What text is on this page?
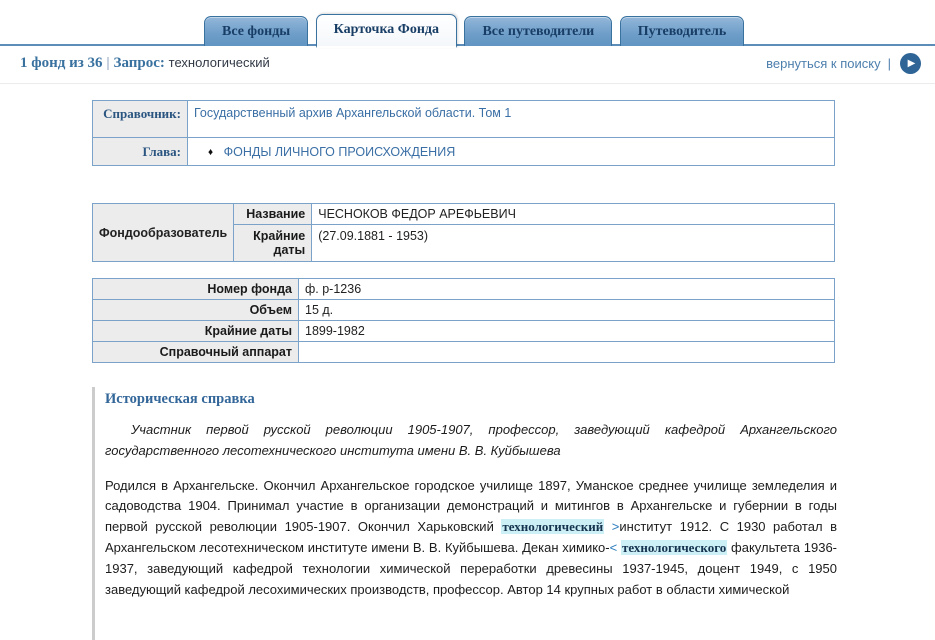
Все фонды	Карточка Фонда	Все путеводители	Путеводитель
1 фонд из 36 | Запрос: технологический	вернуться к поиску |	▶
Справочник:	Государственный архив Архангельской области. Том 1
Глава:	♦ ФОНДЫ ЛИЧНОГО ПРОИСХОЖДЕНИЯ
Фондообразователь	Название	ЧЕСНОКОВ ФЕДОР АРЕФЬЕВИЧ
	Крайние даты	(27.09.1881 - 1953)
Номер фонда	ф. р-1236
Объем	15 д.
Крайние даты	1899-1982
Справочный аппарат	
Историческая справка

Участник первой русской революции 1905-1907, профессор, заведующий кафедрой Архангельского государственного лесотехнического института имени В. В. Куйбышева

Родился в Архангельске. Окончил Архангельское городское училище 1897, Уманское среднее училище земледелия и садоводства 1904. Принимал участие в организации демонстраций и митингов в Архангельске и губернии в годы первой русской революции 1905-1907. Окончил Харьковский технологический >институт 1912. С 1930 работал в Архангельском лесотехническом институте имени В. В. Куйбышева. Декан химико-< технологического факультета 1936-1937, заведующий кафедрой технологии химической переработки древесины 1937-1945, доцент 1949, с 1950 заведующий кафедрой лесохимических производств, профессор. Автор 14 крупных работ в области химической
